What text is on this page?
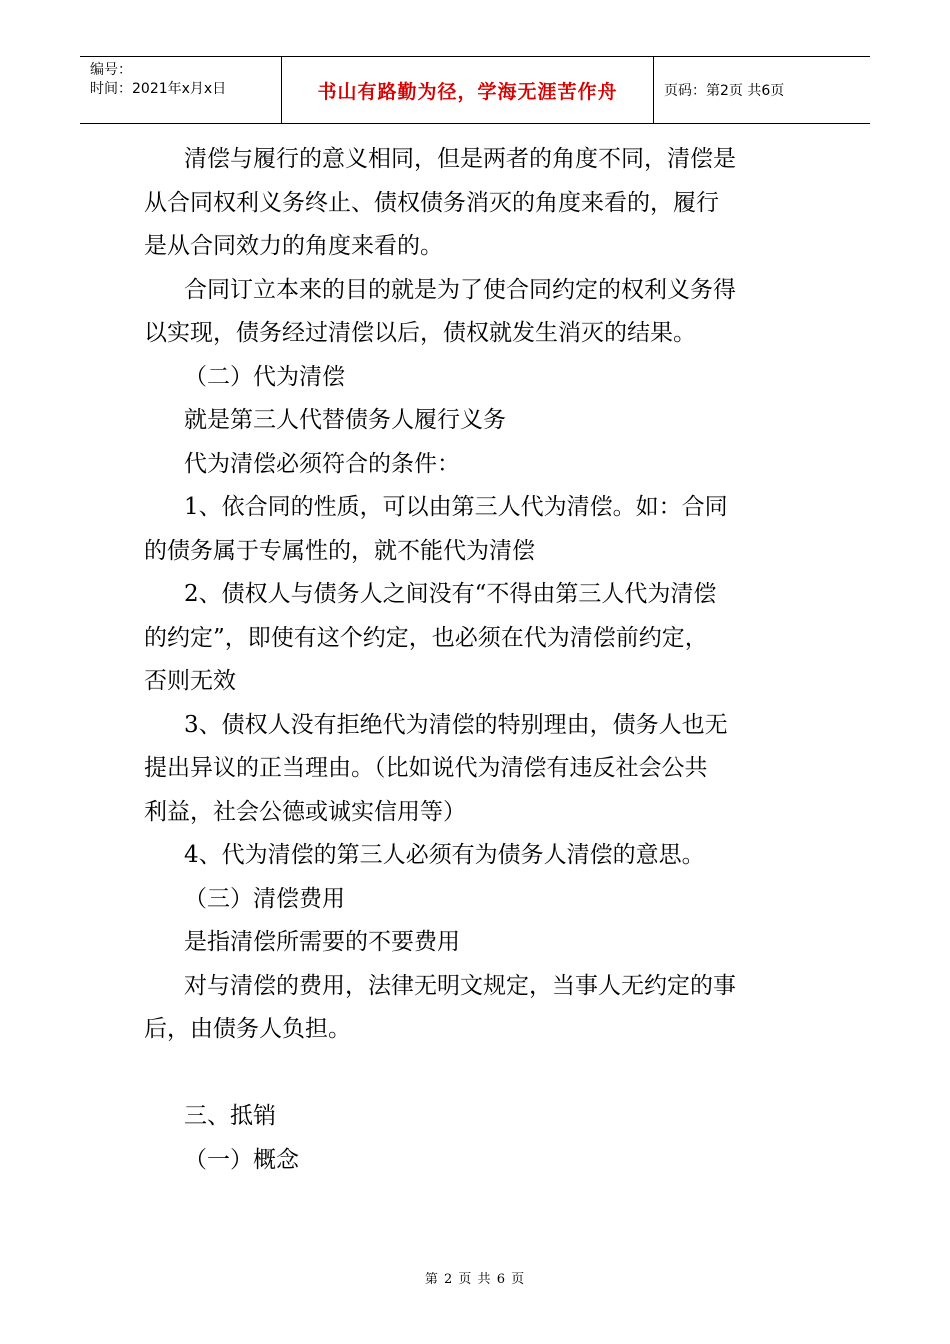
编号：
时间：2021年x月x日	书山有路勤为径，学海无涯苦作舟	页码：第2页 共6页
清偿与履行的意义相同，但是两者的角度不同，清偿是
从合同权利义务终止、债权债务消灭的角度来看的，履行
是从合同效力的角度来看的。
合同订立本来的目的就是为了使合同约定的权利义务得
以实现，债务经过清偿以后，债权就发生消灭的结果。
（二）代为清偿
就是第三人代替债务人履行义务
代为清偿必须符合的条件：
1、依合同的性质，可以由第三人代为清偿。如：合同
的债务属于专属性的，就不能代为清偿
2、债权人与债务人之间没有“不得由第三人代为清偿
的约定”，即使有这个约定，也必须在代为清偿前约定，
否则无效
3、债权人没有拒绝代为清偿的特别理由，债务人也无
提出异议的正当理由。（比如说代为清偿有违反社会公共
利益，社会公德或诚实信用等）
4、代为清偿的第三人必须有为债务人清偿的意思。
（三）清偿费用
是指清偿所需要的不要费用
对与清偿的费用，法律无明文规定，当事人无约定的事
后，由债务人负担。
三、抵销
（一）概念
第 2 页 共 6 页
